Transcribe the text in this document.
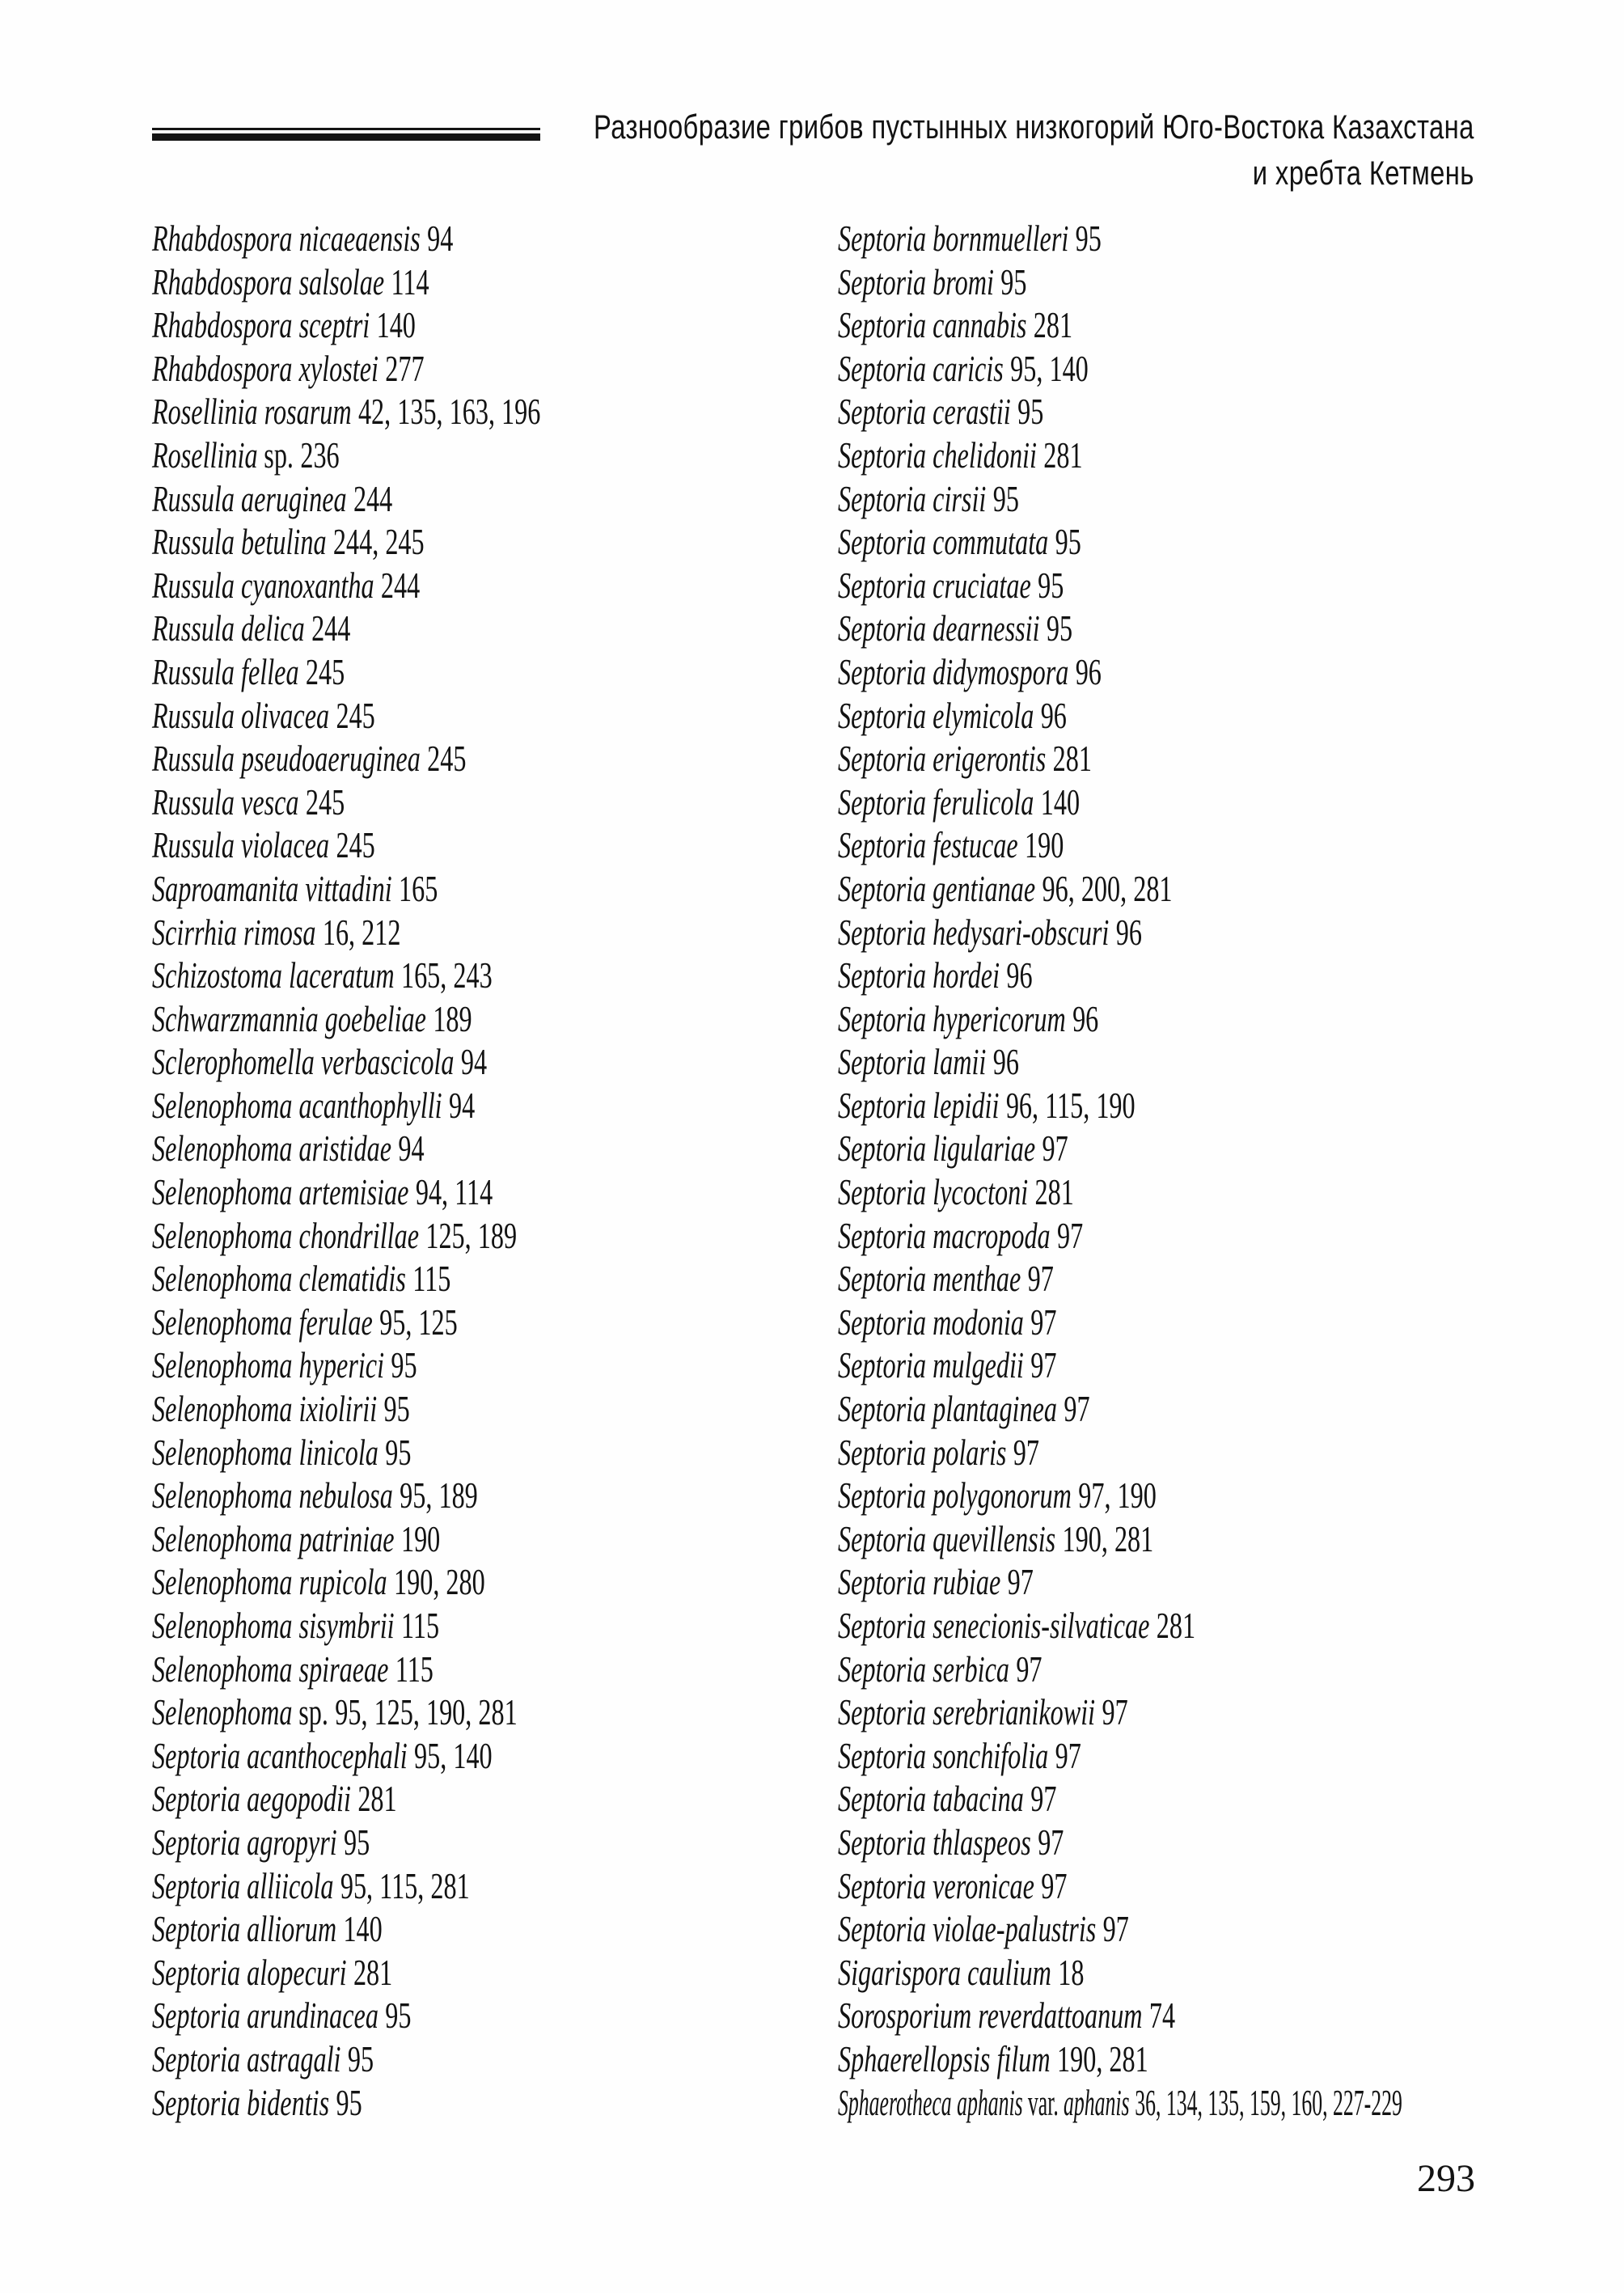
Разнообразие грибов пустынных низкогорий Юго-Востока Казахстана
и хребта Кетмень
Rhabdospora nicaeaensis 94
Rhabdospora salsolae 114
Rhabdospora sceptri 140
Rhabdospora xylostei 277
Rosellinia rosarum 42, 135, 163, 196
Rosellinia sp. 236
Russula aeruginea 244
Russula betulina 244, 245
Russula cyanoxantha 244
Russula delica 244
Russula fellea 245
Russula olivacea 245
Russula pseudoaeruginea 245
Russula vesca 245
Russula violacea 245
Saproamanita vittadini 165
Scirrhia rimosa 16, 212
Schizostoma laceratum 165, 243
Schwarzmannia goebeliae 189
Sclerophomella verbascicola 94
Selenophoma acanthophylli 94
Selenophoma aristidae 94
Selenophoma artemisiae 94, 114
Selenophoma chondrillae 125, 189
Selenophoma clematidis 115
Selenophoma ferulae 95, 125
Selenophoma hyperici 95
Selenophoma ixiolirii 95
Selenophoma linicola 95
Selenophoma nebulosa 95, 189
Selenophoma patriniae 190
Selenophoma rupicola 190, 280
Selenophoma sisymbrii 115
Selenophoma spiraeae 115
Selenophoma sp. 95, 125, 190, 281
Septoria acanthocephali 95, 140
Septoria aegopodii 281
Septoria agropyri 95
Septoria alliicola 95, 115, 281
Septoria alliorum 140
Septoria alopecuri 281
Septoria arundinacea 95
Septoria astragali 95
Septoria bidentis 95
Septoria bornmuelleri 95
Septoria bromi 95
Septoria cannabis 281
Septoria caricis 95, 140
Septoria cerastii 95
Septoria chelidonii 281
Septoria cirsii 95
Septoria commutata 95
Septoria cruciatae 95
Septoria dearnessii 95
Septoria didymospora 96
Septoria elymicola 96
Septoria erigerontis 281
Septoria ferulicola 140
Septoria festucae 190
Septoria gentianae 96, 200, 281
Septoria hedysari-obscuri 96
Septoria hordei 96
Septoria hypericorum 96
Septoria lamii 96
Septoria lepidii 96, 115, 190
Septoria ligulariae 97
Septoria lycoctoni 281
Septoria macropoda 97
Septoria menthae 97
Septoria modonia 97
Septoria mulgedii 97
Septoria plantaginea 97
Septoria polaris 97
Septoria polygonorum 97, 190
Septoria quevillensis 190, 281
Septoria rubiae 97
Septoria senecionis-silvaticae 281
Septoria serbica 97
Septoria serebrianikowii 97
Septoria sonchifolia 97
Septoria tabacina 97
Septoria thlaspeos 97
Septoria veronicae 97
Septoria violae-palustris 97
Sigarispora caulium 18
Sorosporium reverdattoanum 74
Sphaerellopsis filum 190, 281
Sphaerotheca aphanis var. aphanis 36, 134, 135, 159, 160, 227-229
293
